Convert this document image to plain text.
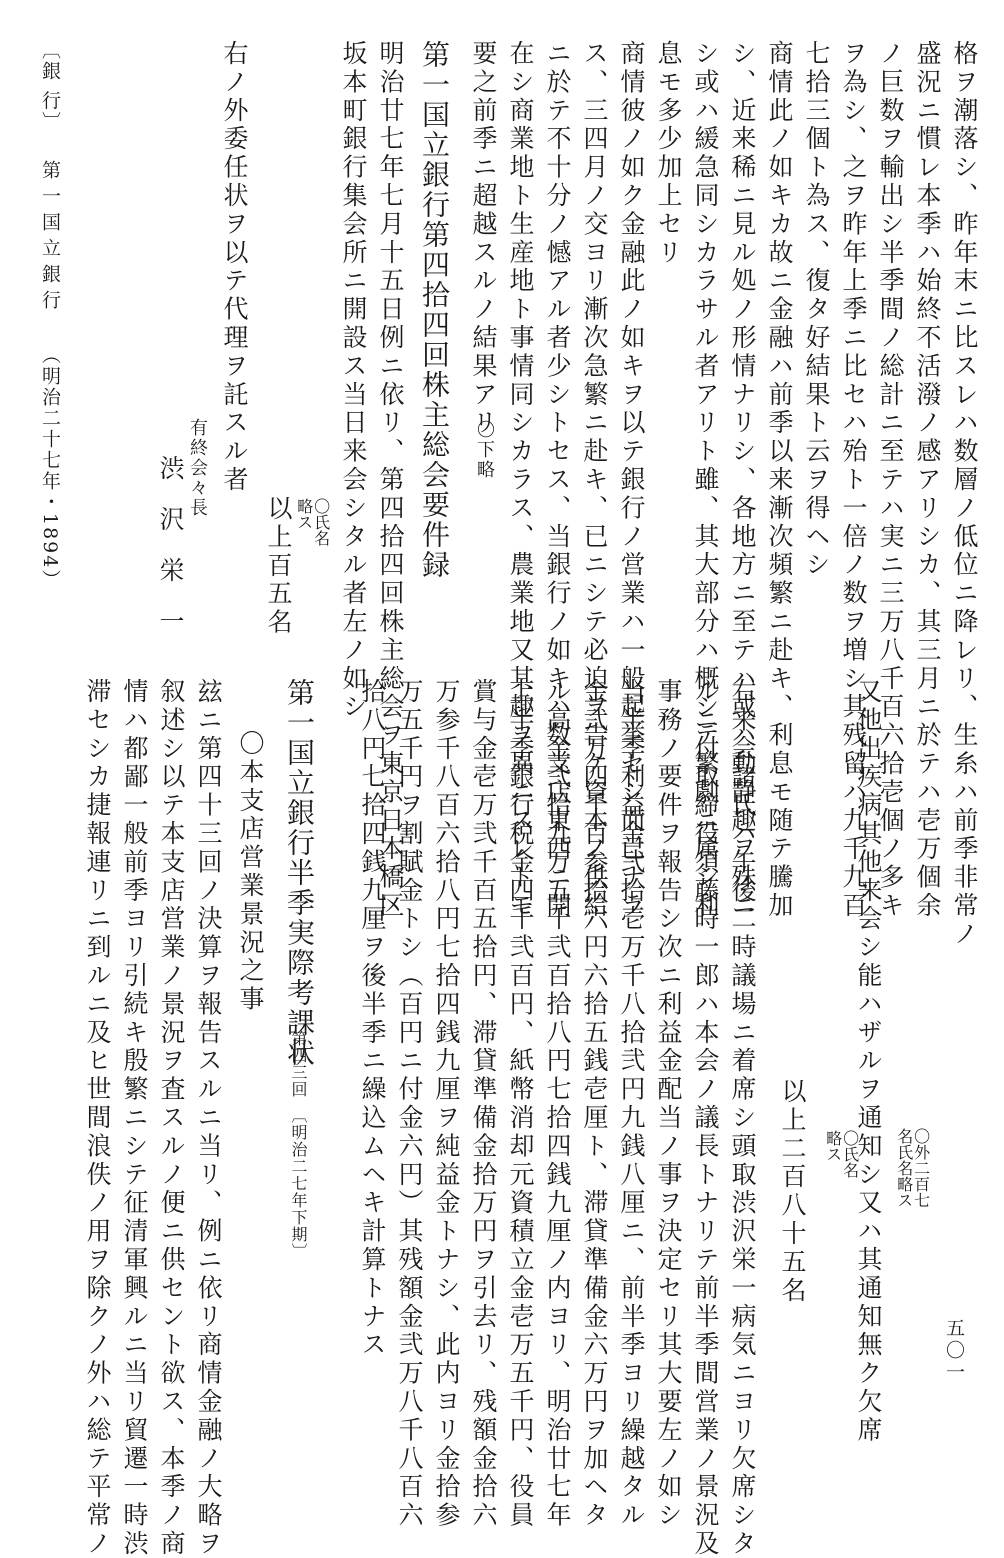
格ヲ潮落シ、昨年末ニ比スレハ数層ノ低位ニ降レリ、生糸ハ前季非常ノ
盛況ニ慣レ本季ハ始終不活潑ノ感アリシカ、其三月ニ於テハ壱万個余
ノ巨数ヲ輸出シ半季間ノ総計ニ至テハ実ニ三万八千百六拾壱個ノ多キ
ヲ為シ、之ヲ昨年上季ニ比セハ殆ト一倍ノ数ヲ増シ其残留ハ九千九百
七拾三個ト為ス、復タ好結果ト云ヲ得ヘシ
商情此ノ如キカ故ニ金融ハ前季以来漸次頻繁ニ赴キ、利息モ随テ騰加
シ、近来稀ニ見ル処ノ形情ナリシ、各地方ニ至テハ或ハ動静趣ヲ殊ニ
シ或ハ緩急同シカラサル者アリト雖、其大部分ハ概シテ繁劇ニ属シ利
息モ多少加上セリ
商情彼ノ如ク金融此ノ如キヲ以テ銀行ノ営業ハ一般起挙セシ而已ナラ
ス、三四月ノ交ヨリ漸次急繁ニ赴キ、已ニシテ必迫ヲ告ケ資本ノ供給
ニ於テ不十分ノ憾アル者少シトセス、当銀行ノ如キハ数支店東西ニ開
在シ商業地ト生産地ト事情同シカラス、農業地又其趣ヲ異ニスレトモ
要之前季ニ超越スルノ結果アリ
〇下略
第一国立銀行第四拾四回株主総会要件録
明治廿七年七月十五日例ニ依リ、第四拾四回株主総会ヲ東京日本橋区
坂本町銀行集会所ニ開設ス当日来会シタル者左ノ如シ
〇氏名
略ス
以上百五名
右ノ外委任状ヲ以テ代理ヲ託スル者
有終会々長
渋 沢 栄 一
〔銀 行〕
第一国立銀行
（明治二十七年・1894）
〇外二百七
名氏名略ス
又他出疾病其他来会シ能ハザルヲ通知シ又ハ其通知無ク欠席
〇氏名
略ス
以上二百八十五名
右来会諸氏ハ午後二時議場ニ着席シ頭取渋沢栄一病気ニヨリ欠席シタ
ルニ付取締役須藤時一郎ハ本会ノ議長トナリテ前半季間営業ノ景況及
事務ノ要件ヲ報告シ次ニ利益金配当ノ事ヲ決定セリ其大要左ノ如シ
当半季利益金弐拾壱万千八拾弐円九銭八厘ニ、前半季ヨリ繰越タル
金弐万四千百参拾六円六拾五銭壱厘ト、滞貸準備金六万円ヲ加ヘタ
ル高金弐拾九万五千弐百拾八円七拾四銭九厘ノ内ヨリ、明治廿七年
上半季銀行税金四千弐百円、紙幣消却元資積立金壱万五千円、役員
賞与金壱万弐千百五拾円、滞貸準備金拾万円ヲ引去リ、残額金拾六
万参千八百六拾八円七拾四銭九厘ヲ純益金トナシ、此内ヨリ金拾参
万五千円ヲ割賦金トシ（百円ニ付金六円）其残額金弐万八千八百六
拾八円七拾四銭九厘ヲ後半季ニ繰込ムヘキ計算トナス
第一国立銀行半季実際考課状
第四三回　〔明治二七年下期〕
〇本支店営業景況之事
玆ニ第四十三回ノ決算ヲ報告スルニ当リ、例ニ依リ商情金融ノ大略ヲ
叙述シ以テ本支店営業ノ景況ヲ査スルノ便ニ供セント欲ス、本季ノ商
情ハ都鄙一般前季ヨリ引続キ殷繁ニシテ征清軍興ルニ当リ貿遷一時渋
滞セシカ捷報連リニ到ルニ及ヒ世間浪佚ノ用ヲ除クノ外ハ総テ平常ノ	五〇一
